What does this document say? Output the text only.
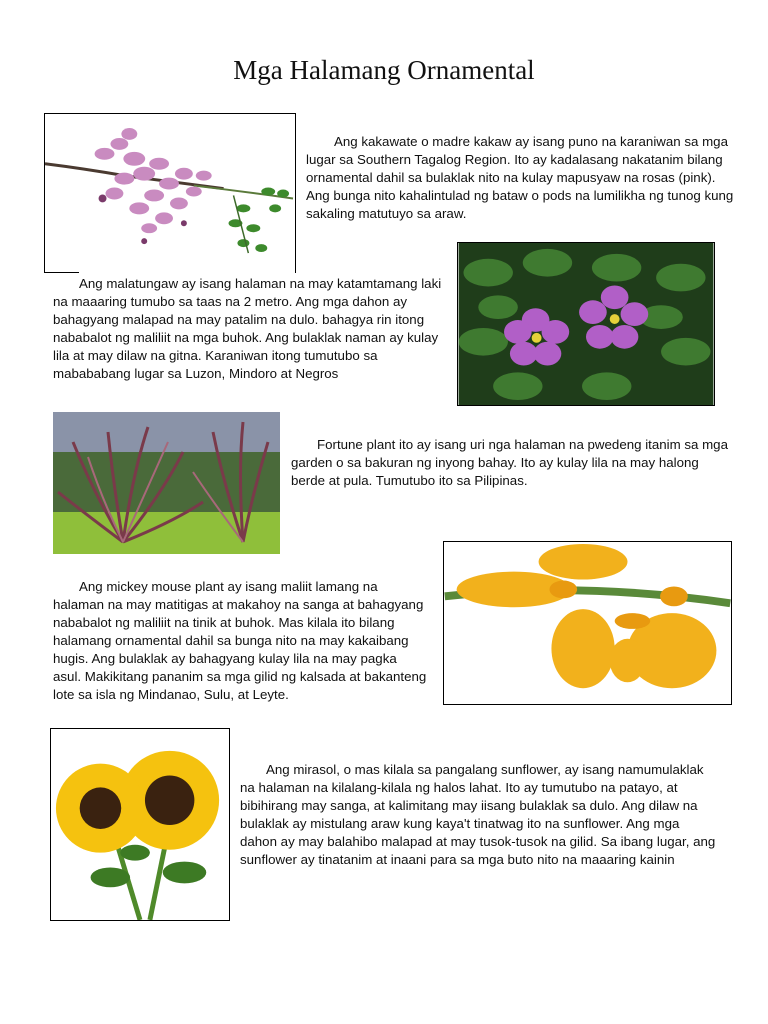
Mga Halamang Ornamental

Ang kakawate o madre kakaw ay isang puno na karaniwan sa mga lugar sa Southern Tagalog Region. Ito ay kadalasang nakatanim bilang ornamental dahil sa bulaklak nito na kulay mapusyaw na rosas (pink). Ang bunga nito kahalintulad ng bataw o pods na lumilikha ng tunog kung sakaling matutuyo sa araw.

Ang malatungaw ay isang halaman na may katamtamang laki na maaaring tumubo sa taas na 2 metro. Ang mga dahon ay bahagyang malapad na may patalim na dulo. bahagya rin itong nababalot ng maliliit na mga buhok. Ang bulaklak naman ay kulay lila at may dilaw na gitna. Karaniwan itong tumutubo sa mabababang lugar sa Luzon, Mindoro at Negros

Fortune plant ito ay isang uri nga halaman na pwedeng itanim sa mga garden o sa bakuran ng inyong bahay. Ito ay kulay lila na may halong berde at pula. Tumutubo ito sa Pilipinas.

Ang mickey mouse plant ay isang maliit lamang na halaman na may matitigas at makahoy na sanga at bahagyang nababalot ng maliliit na tinik at buhok. Mas kilala ito bilang halamang ornamental dahil sa bunga nito na may kakaibang hugis. Ang bulaklak ay bahagyang kulay lila na may pagka asul. Makikitang pananim sa mga gilid ng kalsada at bakanteng lote sa isla ng Mindanao, Sulu, at Leyte.

Ang mirasol, o mas kilala sa pangalang sunflower, ay isang namumulaklak na halaman na kilalang-kilala ng halos lahat. Ito ay tumutubo na patayo, at bibihirang may sanga, at kalimitang may iisang bulaklak sa dulo. Ang dilaw na bulaklak ay mistulang araw kung kaya't tinatwag ito na sunflower. Ang mga dahon ay may balahibo malapad at may tusok-tusok na gilid. Sa ibang lugar, ang sunflower ay tinatanim at inaani para sa mga buto nito na maaaring kainin
